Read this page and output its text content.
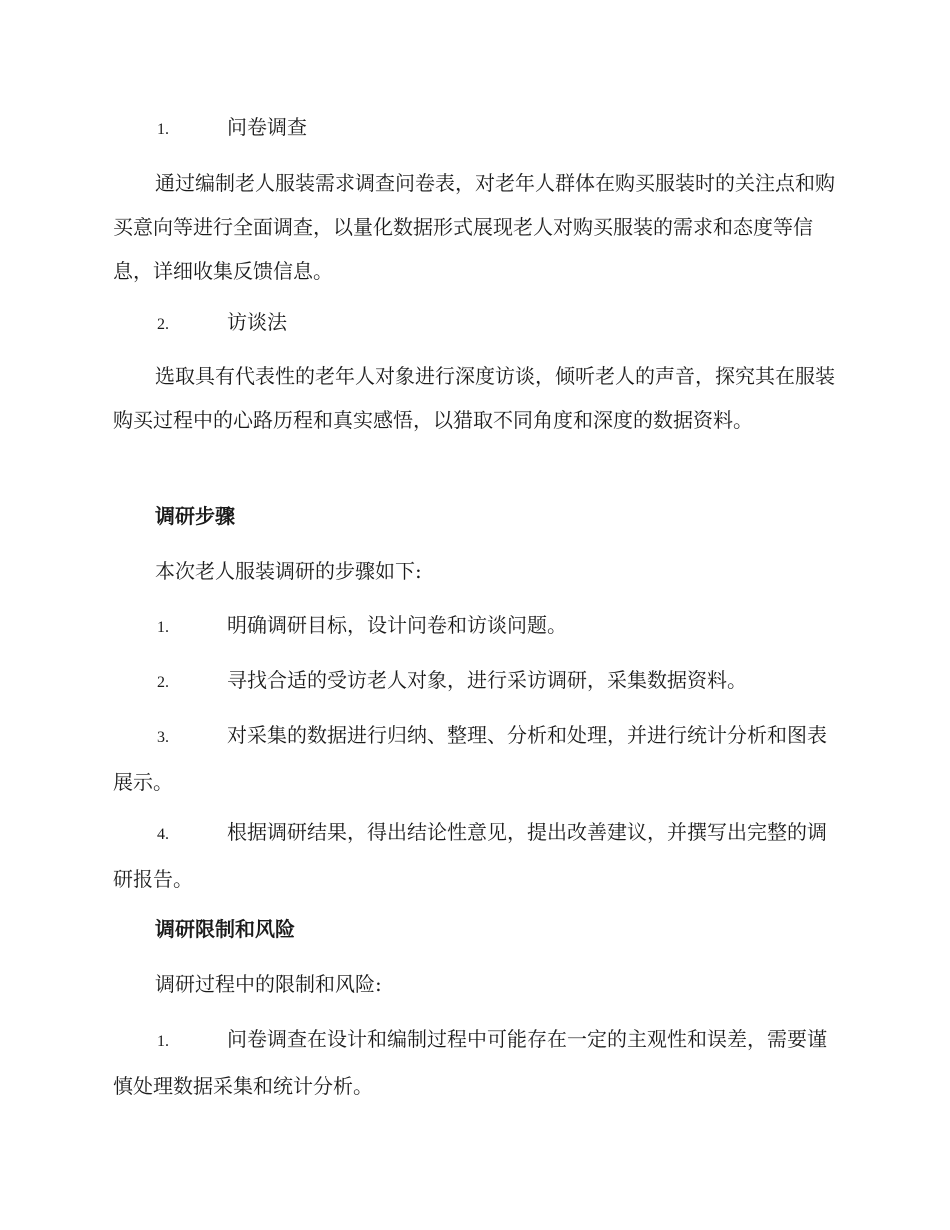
1.	问卷调查

通过编制老人服装需求调查问卷表，对老年人群体在购买服装时的关注点和购买意向等进行全面调查，以量化数据形式展现老人对购买服装的需求和态度等信息，详细收集反馈信息。

2.	访谈法

选取具有代表性的老年人对象进行深度访谈，倾听老人的声音，探究其在服装购买过程中的心路历程和真实感悟，以猎取不同角度和深度的数据资料。

调研步骤

本次老人服装调研的步骤如下:

1.	明确调研目标，设计问卷和访谈问题。

2.	寻找合适的受访老人对象，进行采访调研，采集数据资料。

3.	对采集的数据进行归纳、整理、分析和处理，并进行统计分析和图表展示。

4.	根据调研结果，得出结论性意见，提出改善建议，并撰写出完整的调研报告。

调研限制和风险

调研过程中的限制和风险:

1.	问卷调查在设计和编制过程中可能存在一定的主观性和误差，需要谨慎处理数据采集和统计分析。
